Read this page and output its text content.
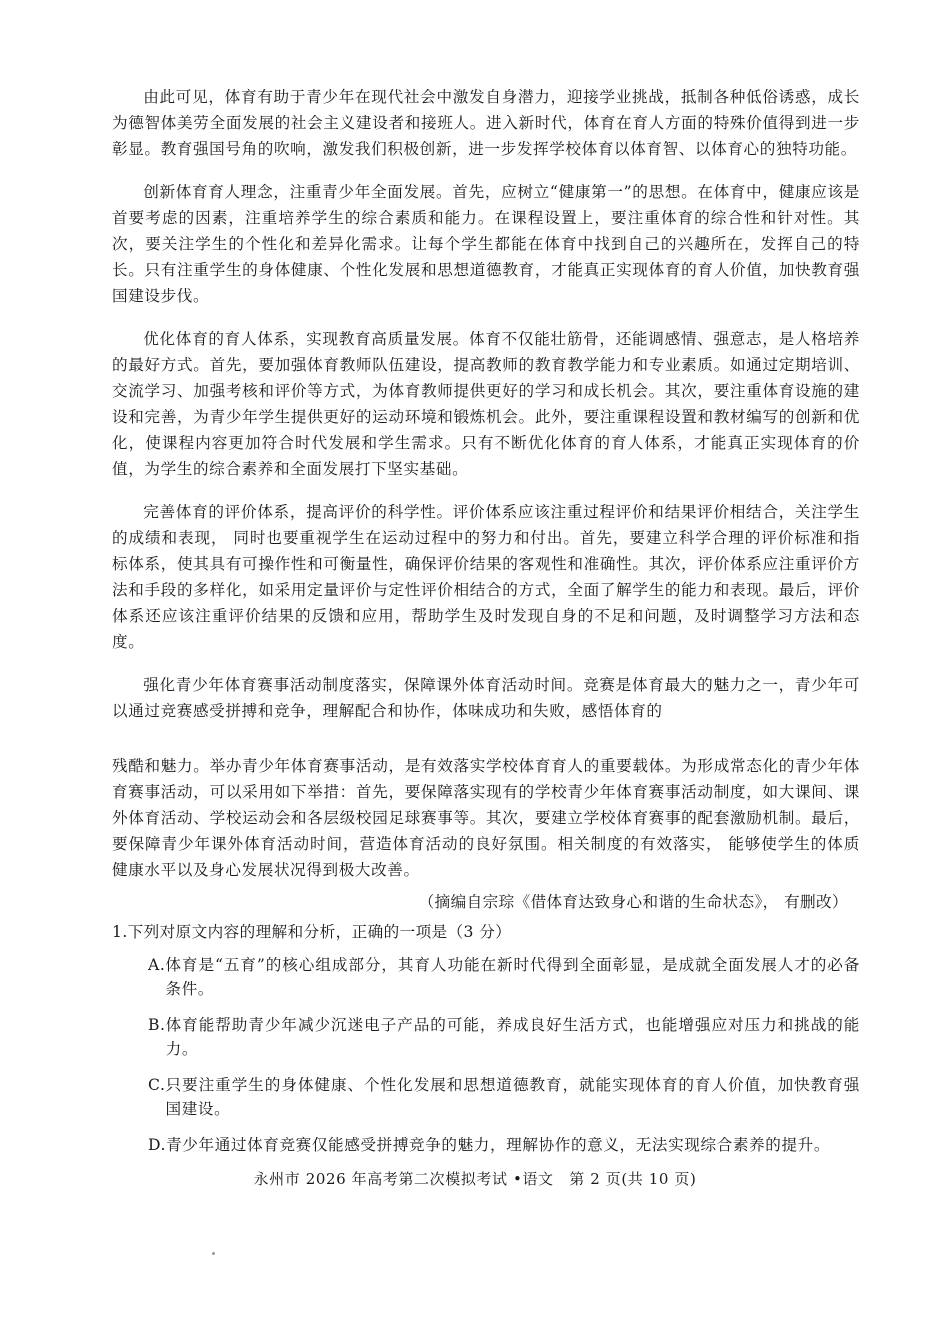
由此可见，体育有助于青少年在现代社会中激发自身潜力，迎接学业挑战，抵制各种低俗诱惑，成长为德智体美劳全面发展的社会主义建设者和接班人。进入新时代，体育在育人方面的特殊价值得到进一步彰显。教育强国号角的吹响，激发我们积极创新，进一步发挥学校体育以体育智、以体育心的独特功能。

创新体育育人理念，注重青少年全面发展。首先，应树立“健康第一”的思想。在体育中，健康应该是首要考虑的因素，注重培养学生的综合素质和能力。在课程设置上，要注重体育的综合性和针对性。其次，要关注学生的个性化和差异化需求。让每个学生都能在体育中找到自己的兴趣所在，发挥自己的特长。只有注重学生的身体健康、个性化发展和思想道德教育，才能真正实现体育的育人价值，加快教育强国建设步伐。

优化体育的育人体系，实现教育高质量发展。体育不仅能壮筋骨，还能调感情、强意志，是人格培养的最好方式。首先，要加强体育教师队伍建设，提高教师的教育教学能力和专业素质。如通过定期培训、交流学习、加强考核和评价等方式，为体育教师提供更好的学习和成长机会。其次，要注重体育设施的建设和完善，为青少年学生提供更好的运动环境和锻炼机会。此外，要注重课程设置和教材编写的创新和优化，使课程内容更加符合时代发展和学生需求。只有不断优化体育的育人体系，才能真正实现体育的价值，为学生的综合素养和全面发展打下坚实基础。

完善体育的评价体系，提高评价的科学性。评价体系应该注重过程评价和结果评价相结合，关注学生的成绩和表现， 同时也要重视学生在运动过程中的努力和付出。首先，要建立科学合理的评价标准和指标体系，使其具有可操作性和可衡量性，确保评价结果的客观性和准确性。其次，评价体系应注重评价方法和手段的多样化，如采用定量评价与定性评价相结合的方式，全面了解学生的能力和表现。最后，评价体系还应该注重评价结果的反馈和应用，帮助学生及时发现自身的不足和问题，及时调整学习方法和态度。

强化青少年体育赛事活动制度落实，保障课外体育活动时间。竞赛是体育最大的魅力之一，青少年可以通过竞赛感受拼搏和竞争，理解配合和协作，体味成功和失败，感悟体育的

残酷和魅力。举办青少年体育赛事活动，是有效落实学校体育育人的重要载体。为形成常态化的青少年体育赛事活动，可以采用如下举措：首先，要保障落实现有的学校青少年体育赛事活动制度，如大课间、课外体育活动、学校运动会和各层级校园足球赛事等。其次，要建立学校体育赛事的配套激励机制。最后，要保障青少年课外体育活动时间，营造体育活动的良好氛围。相关制度的有效落实， 能够使学生的体质健康水平以及身心发展状况得到极大改善。

（摘编自宗琮《借体育达致身心和谐的生命状态》， 有删改）
1.下列对原文内容的理解和分析，正确的一项是（3 分）
A. 体育是“五育”的核心组成部分，其育人功能在新时代得到全面彰显，是成就全面发展人才的必备条件。
B. 体育能帮助青少年减少沉迷电子产品的可能，养成良好生活方式，也能增强应对压力和挑战的能力。
C. 只要注重学生的身体健康、个性化发展和思想道德教育，就能实现体育的育人价值，加快教育强国建设。
D. 青少年通过体育竞赛仅能感受拼搏竞争的魅力，理解协作的意义，无法实现综合素养的提升。
永州市 2026 年高考第二次模拟考试 •语文　第 2 页(共 10 页)
